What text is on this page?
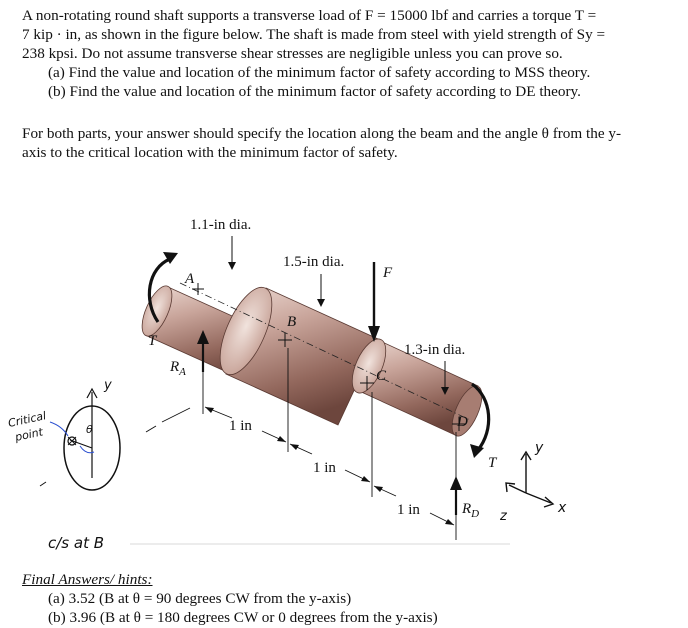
A non-rotating round shaft supports a transverse load of F = 15000 lbf and carries a torque T =
7 kip · in, as shown in the figure below. The shaft is made from steel with yield strength of Sy =
238 kpsi. Do not assume transverse shear stresses are negligible unless you can prove so.
(a) Find the value and location of the minimum factor of safety according to MSS theory.
(b) Find the value and location of the minimum factor of safety according to DE theory.
For both parts, your answer should specify the location along the beam and the angle θ from the y-
axis to the critical location with the minimum factor of safety.
A
B
C
D
1.1-in dia.
1.5-in dia.
1.3-in dia.
F
T
$R_A$
T
$R_D$
1 in
1 in
1 in
y
x
z
Critical
point	θ
y
c/s at B
Final Answers/ hints:
(a) 3.52 (B at θ = 90 degrees CW from the y-axis)
(b) 3.96 (B at θ = 180 degrees CW or 0 degrees from the y-axis)
